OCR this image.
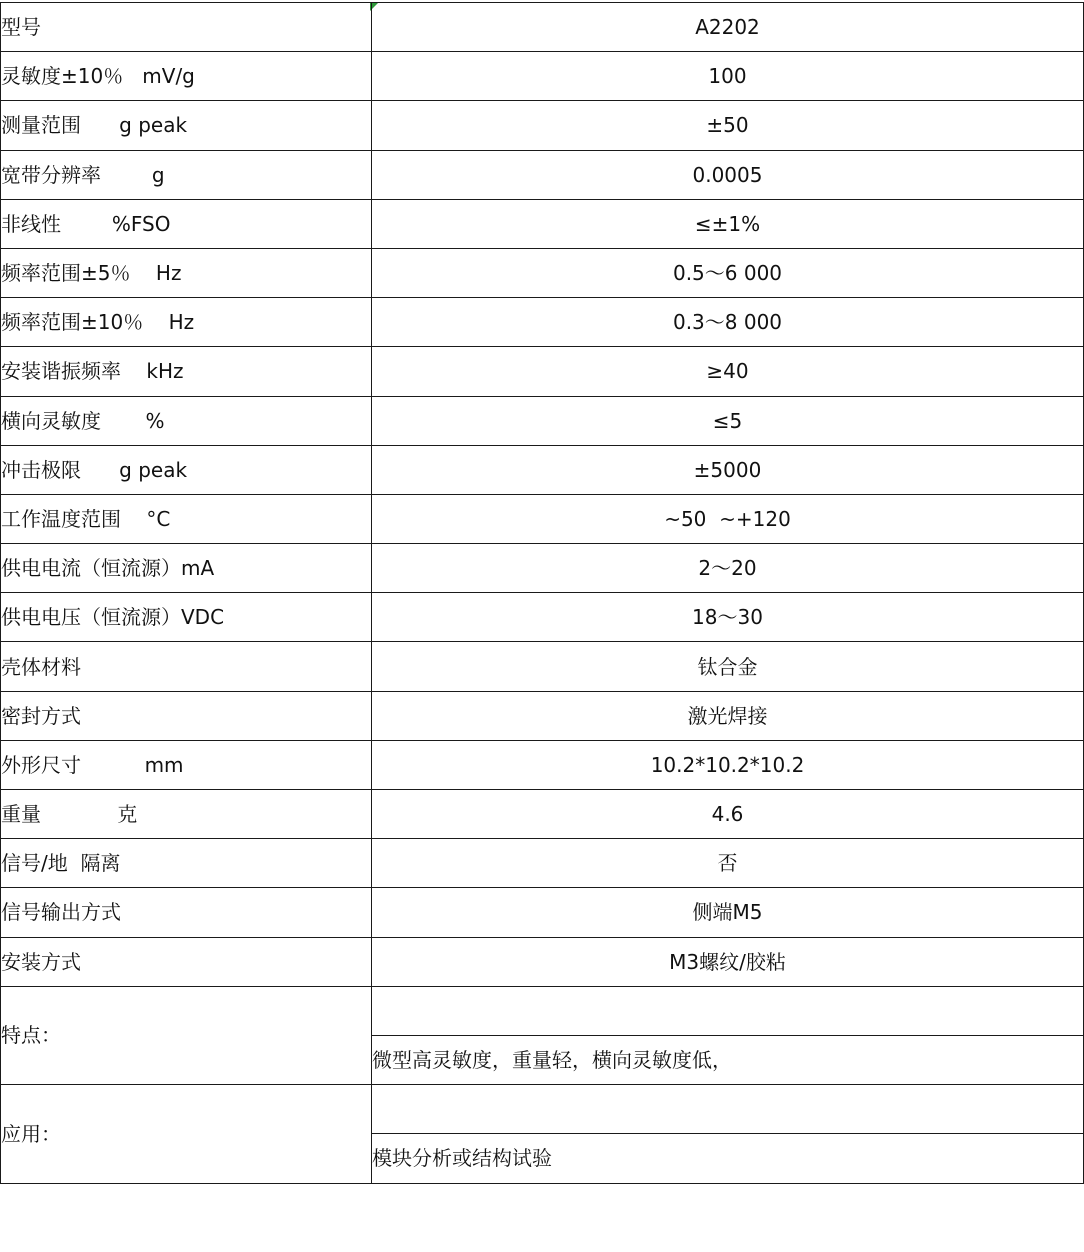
型号	A2202
灵敏度±10％   mV/g	100
测量范围      g peak	±50
宽带分辨率        g	0.0005
非线性        %FSO	≤±1%
频率范围±5％    Hz	0.5～6 000
频率范围±10％    Hz	0.3～8 000
安装谐振频率    kHz	≥40
横向灵敏度       %	≤5
冲击极限      g peak	±5000
工作温度范围    °C	~50  ~+120
供电电流（恒流源）mA	2～20
供电电压（恒流源）VDC	18～30
壳体材料	钛合金
密封方式	激光焊接
外形尺寸          mm	10.2*10.2*10.2
重量            克	4.6
信号/地  隔离	否
信号输出方式	侧端M5
安装方式	M3螺纹/胶粘
特点：	
	微型高灵敏度，重量轻，横向灵敏度低，
应用：	
	模块分析或结构试验
